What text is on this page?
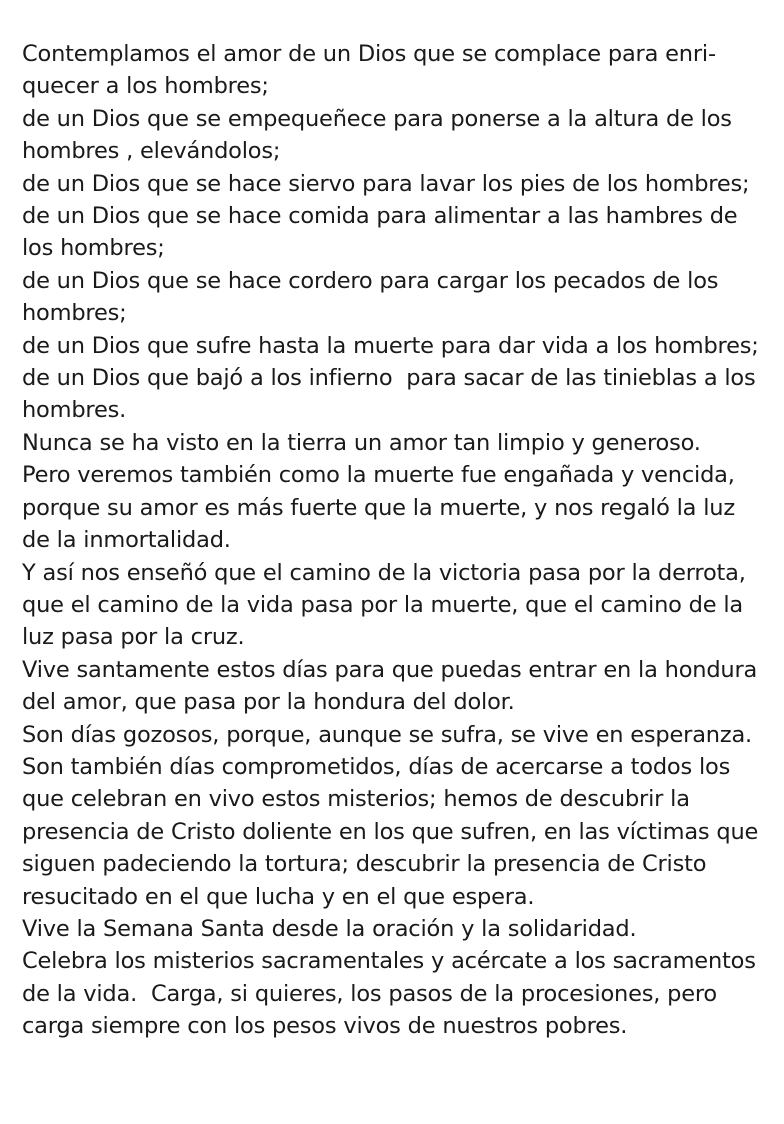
Contemplamos el amor de un Dios que se complace para enri-
quecer a los hombres;
de un Dios que se empequeñece para ponerse a la altura de los
hombres , elevándolos;
de un Dios que se hace siervo para lavar los pies de los hombres;
de un Dios que se hace comida para alimentar a las hambres de
los hombres;
de un Dios que se hace cordero para cargar los pecados de los
hombres;
de un Dios que sufre hasta la muerte para dar vida a los hombres;
de un Dios que bajó a los infierno  para sacar de las tinieblas a los
hombres.
Nunca se ha visto en la tierra un amor tan limpio y generoso.
Pero veremos también como la muerte fue engañada y vencida,
porque su amor es más fuerte que la muerte, y nos regaló la luz
de la inmortalidad.
Y así nos enseñó que el camino de la victoria pasa por la derrota,
que el camino de la vida pasa por la muerte, que el camino de la
luz pasa por la cruz.
Vive santamente estos días para que puedas entrar en la hondura
del amor, que pasa por la hondura del dolor.
Son días gozosos, porque, aunque se sufra, se vive en esperanza.
Son también días comprometidos, días de acercarse a todos los
que celebran en vivo estos misterios; hemos de descubrir la
presencia de Cristo doliente en los que sufren, en las víctimas que
siguen padeciendo la tortura; descubrir la presencia de Cristo
resucitado en el que lucha y en el que espera.
Vive la Semana Santa desde la oración y la solidaridad.
Celebra los misterios sacramentales y acércate a los sacramentos
de la vida.  Carga, si quieres, los pasos de la procesiones, pero
carga siempre con los pesos vivos de nuestros pobres.
